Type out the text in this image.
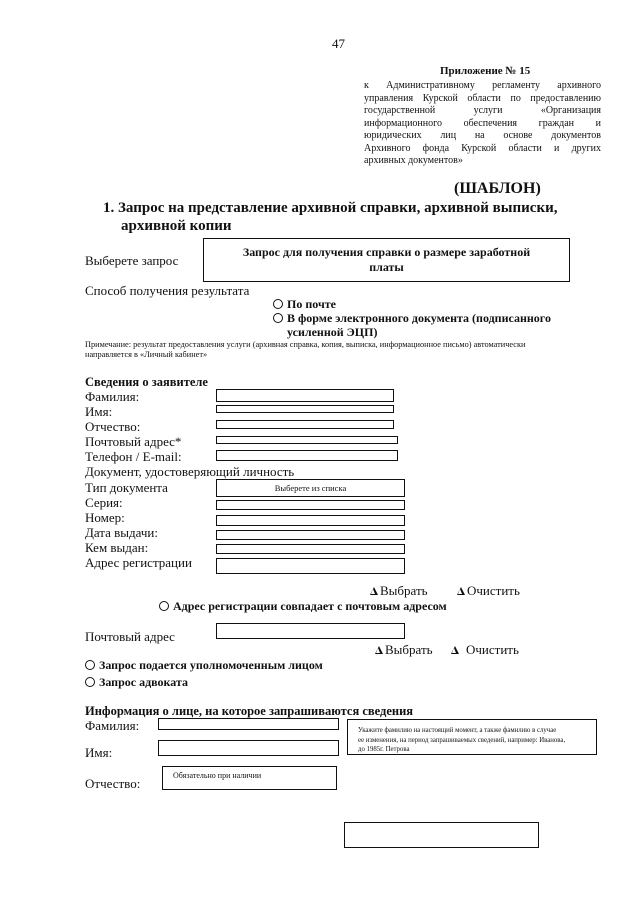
47
Приложение № 15
к Административному регламенту архивного
управления Курской области по предоставлению
государственной услуги «Организация
информационного обеспечения граждан и
юридических лиц на основе документов
Архивного фонда Курской области и других
архивных документов»
(ШАБЛОН)
1. Запрос на представление архивной справки, архивной выписки,
архивной копии
Выберете запрос
Запрос для получения справки о размере заработной
платы
Способ получения результата
По почте
В форме электронного документа (подписанного
усиленной ЭЦП)
Примечание: результат предоставления услуги (архивная справка, копия, выписка, информационное письмо) автоматически
направляется в «Личный кабинет»
Сведения о заявителе
Фамилия:
Имя:
Отчество:
Почтовый адрес*
Телефон / E-mail:
Документ, удостоверяющий личность
Тип документа	Выберете из списка
Серия:
Номер:
Дата выдачи:
Кем выдан:
Адрес регистрации
Выбрать	Очистить
Адрес регистрации совпадает с почтовым адресом
Почтовый адрес
Выбрать	Очистить
Запрос подается уполномоченным лицом
Запрос адвоката
Информация о лице, на которое запрашиваются сведения
Фамилия:	Укажите фамилию на настоящий момент, а также фамилию в случае
ее изменения, на период запрашиваемых сведений, например: Иванова,
до 1985г. Петрова
Имя:
Отчество:
Обязательно при наличии
